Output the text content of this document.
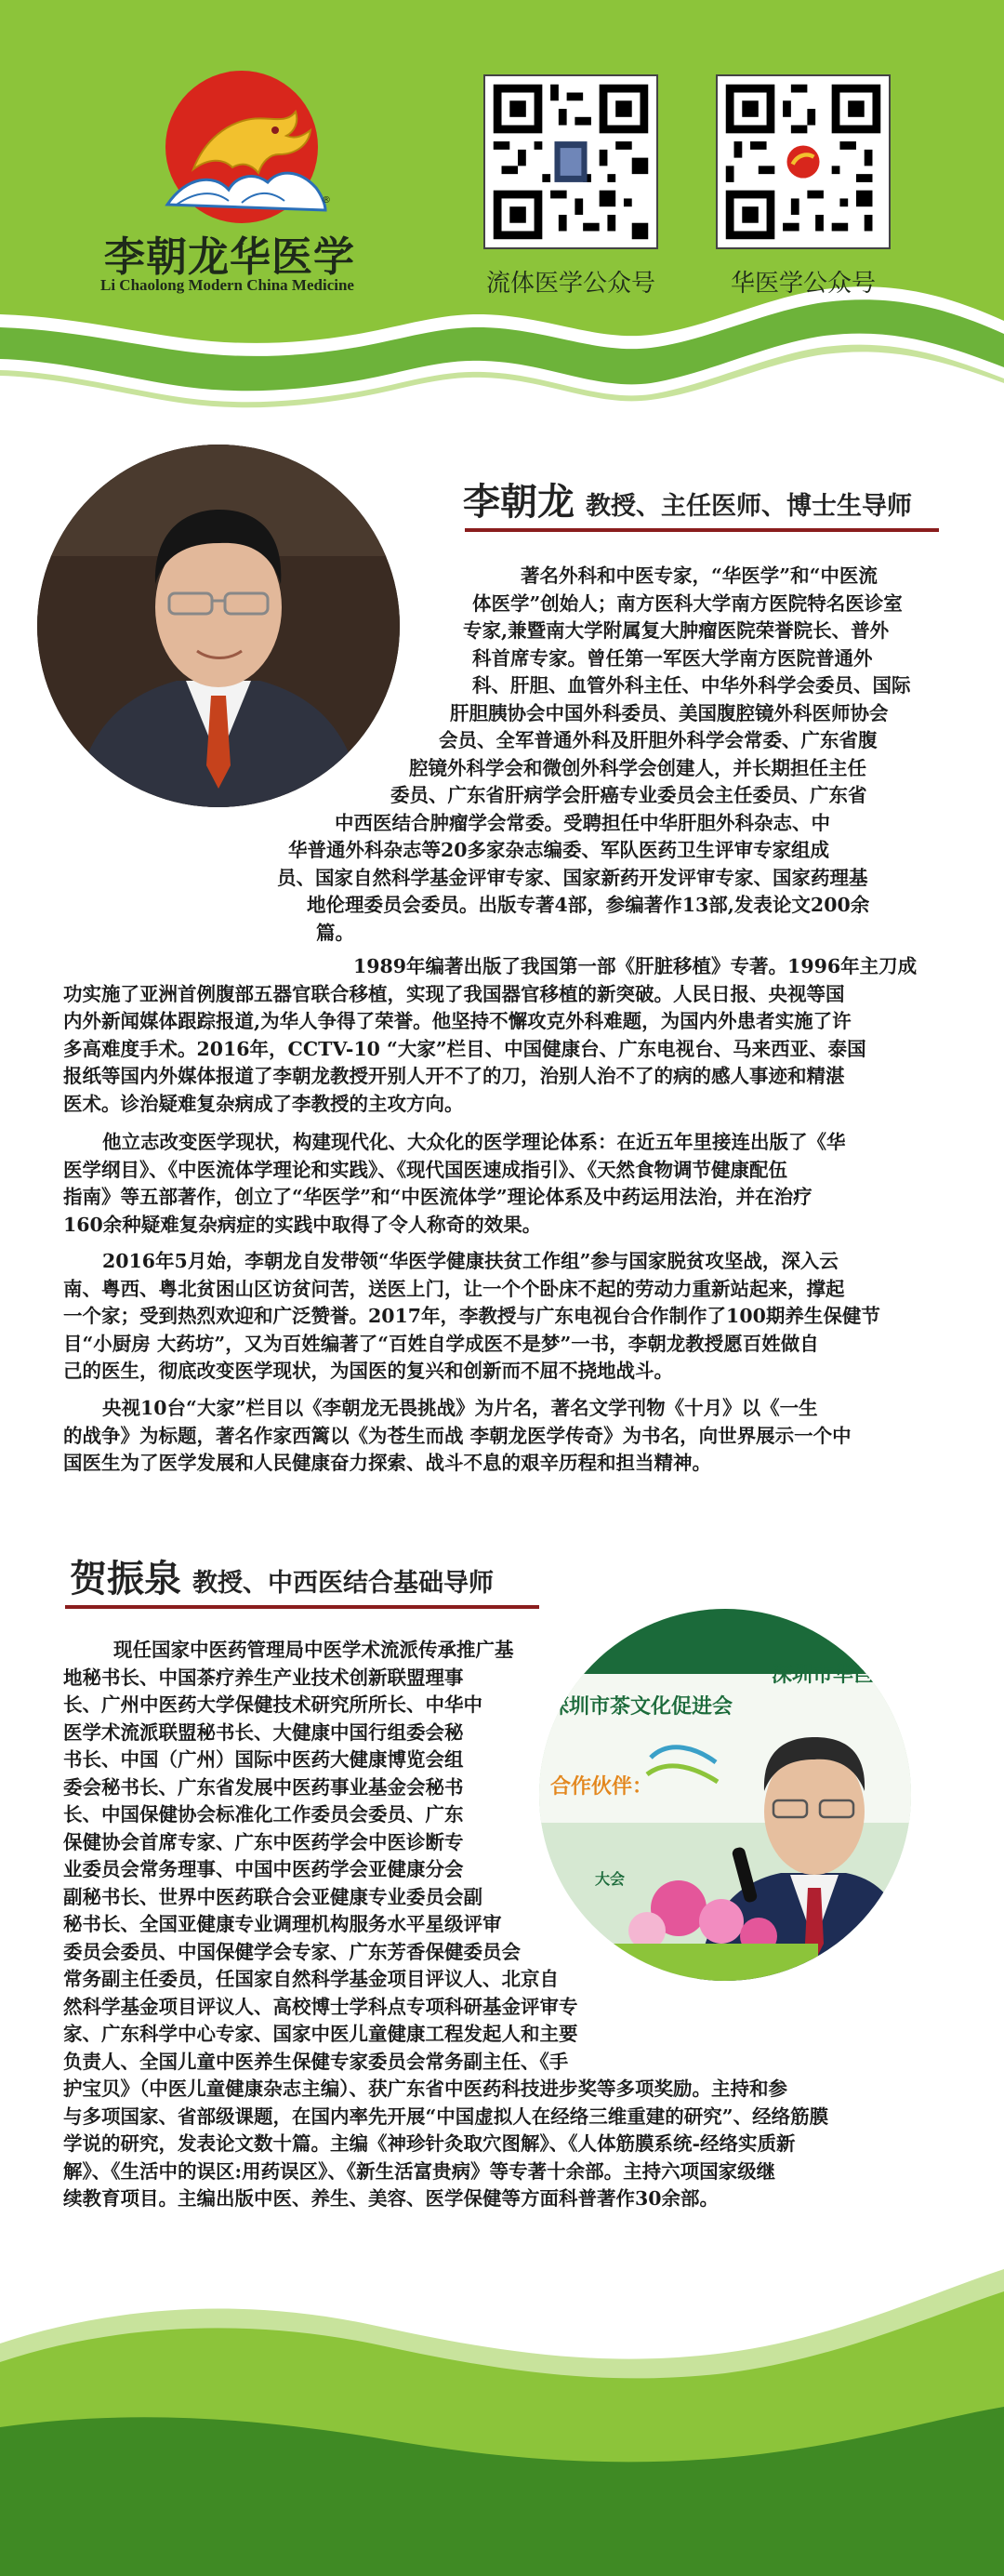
®
李朝龙华医学
Li Chaolong Modern China Medicine	流体医学公众号	华医学公众号
李朝龙 教授、主任医师、博士生导师
著名外科和中医专家，“华医学”和“中医流
体医学”创始人；南方医科大学南方医院特名医诊室
专家,兼暨南大学附属复大肿瘤医院荣誉院长、普外
科首席专家。曾任第一军医大学南方医院普通外
科、肝胆、血管外科主任、中华外科学会委员、国际
肝胆胰协会中国外科委员、美国腹腔镜外科医师协会
会员、全军普通外科及肝胆外科学会常委、广东省腹
腔镜外科学会和微创外科学会创建人，并长期担任主任
委员、广东省肝病学会肝癌专业委员会主任委员、广东省
中西医结合肿瘤学会常委。受聘担任中华肝胆外科杂志、中
华普通外科杂志等20多家杂志编委、军队医药卫生评审专家组成
员、国家自然科学基金评审专家、国家新药开发评审专家、国家药理基
地伦理委员会委员。出版专著4部，参编著作13部,发表论文200余
篇。
1989年编著出版了我国第一部《肝脏移植》专著。1996年主刀成
功实施了亚洲首例腹部五器官联合移植，实现了我国器官移植的新突破。人民日报、央视等国
内外新闻媒体跟踪报道,为华人争得了荣誉。他坚持不懈攻克外科难题，为国内外患者实施了许
多高难度手术。2016年，CCTV-10 “大家”栏目、中国健康台、广东电视台、马来西亚、泰国
报纸等国内外媒体报道了李朝龙教授开别人开不了的刀，治别人治不了的病的感人事迹和精湛
医术。诊治疑难复杂病成了李教授的主攻方向。
他立志改变医学现状，构建现代化、大众化的医学理论体系：在近五年里接连出版了《华
医学纲目》、《中医流体学理论和实践》、《现代国医速成指引》、《天然食物调节健康配伍
指南》等五部著作，创立了“华医学”和“中医流体学”理论体系及中药运用法治，并在治疗
160余种疑难复杂病症的实践中取得了令人称奇的效果。
2016年5月始，李朝龙自发带领“华医学健康扶贫工作组”参与国家脱贫攻坚战，深入云
南、粤西、粤北贫困山区访贫问苦，送医上门，让一个个卧床不起的劳动力重新站起来，撑起
一个家；受到热烈欢迎和广泛赞誉。2017年，李教授与广东电视台合作制作了100期养生保健节
目“小厨房 大药坊”，又为百姓编著了“百姓自学成医不是梦”一书，李朝龙教授愿百姓做自
己的医生，彻底改变医学现状，为国医的复兴和创新而不屈不挠地战斗。
央视10台“大家”栏目以《李朝龙无畏挑战》为片名，著名文学刊物《十月》以《一生
的战争》为标题，著名作家西篱以《为苍生而战 李朝龙医学传奇》为书名，向世界展示一个中
国医生为了医学发展和人民健康奋力探索、战斗不息的艰辛历程和担当精神。
贺振泉 教授、中西医结合基础导师
深圳市茶文化促进会
深圳市华巨臣
合作伙伴：
大会
现任国家中医药管理局中医学术流派传承推广基
地秘书长、中国茶疗养生产业技术创新联盟理事
长、广州中医药大学保健技术研究所所长、中华中
医学术流派联盟秘书长、大健康中国行组委会秘
书长、中国（广州）国际中医药大健康博览会组
委会秘书长、广东省发展中医药事业基金会秘书
长、中国保健协会标准化工作委员会委员、广东
保健协会首席专家、广东中医药学会中医诊断专
业委员会常务理事、中国中医药学会亚健康分会
副秘书长、世界中医药联合会亚健康专业委员会副
秘书长、全国亚健康专业调理机构服务水平星级评审
委员会委员、中国保健学会专家、广东芳香保健委员会
常务副主任委员，任国家自然科学基金项目评议人、北京自
然科学基金项目评议人、高校博士学科点专项科研基金评审专
家、广东科学中心专家、国家中医儿童健康工程发起人和主要
负责人、全国儿童中医养生保健专家委员会常务副主任、《手
护宝贝》（中医儿童健康杂志主编）、获广东省中医药科技进步奖等多项奖励。主持和参
与多项国家、省部级课题，在国内率先开展“中国虚拟人在经络三维重建的研究”、经络筋膜
学说的研究，发表论文数十篇。主编《神珍针灸取穴图解》、《人体筋膜系统-经络实质新
解》、《生活中的误区:用药误区》、《新生活富贵病》等专著十余部。主持六项国家级继
续教育项目。主编出版中医、养生、美容、医学保健等方面科普著作30余部。
